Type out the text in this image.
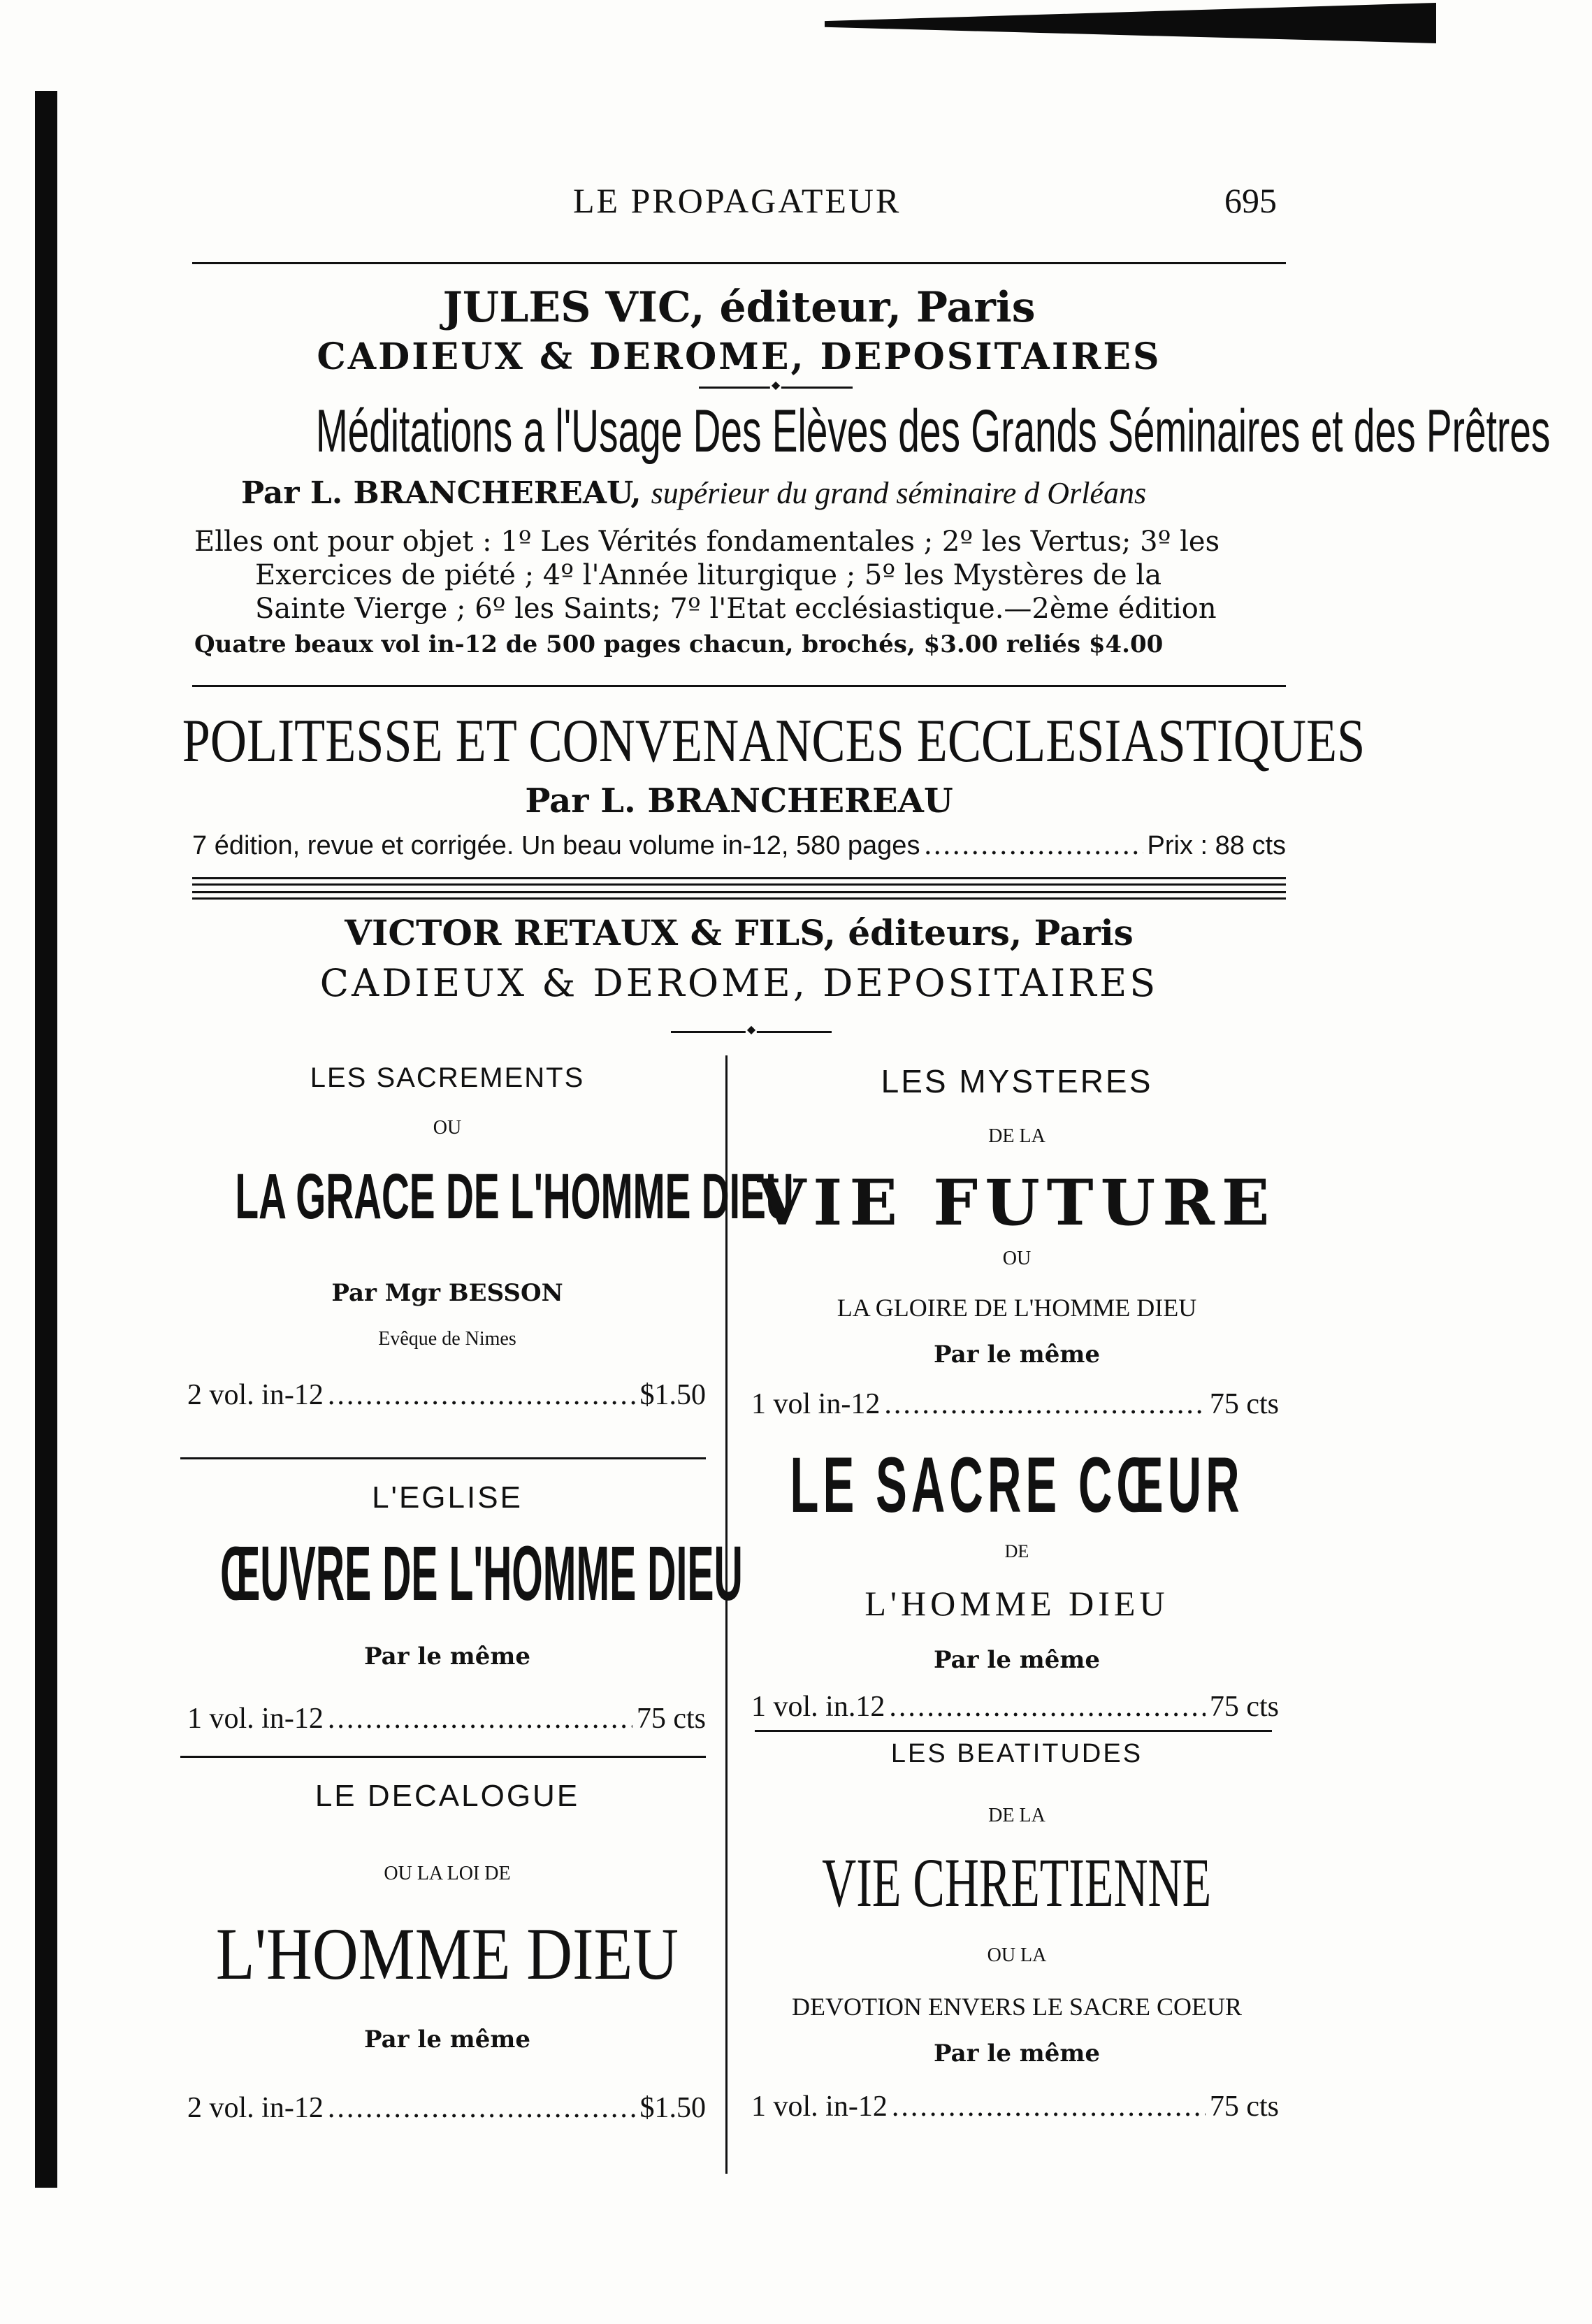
LE PROPAGATEUR	695
JULES VIC, éditeur, Paris
CADIEUX & DEROME, DEPOSITAIRES
◆
Méditations a l'Usage Des Elèves des Grands Séminaires et des Prêtres
Par L. BRANCHEREAU, supérieur du grand séminaire d Orléans
Elles ont pour objet : 1º Les Vérités fondamentales ; 2º les Vertus; 3º les
Exercices de piété ; 4º l'Année liturgique ; 5º les Mystères de la
Sainte Vierge ; 6º les Saints; 7º l'Etat ecclésiastique.—2ème édition
Quatre beaux vol in-12 de 500 pages chacun, brochés, $3.00 reliés $4.00
POLITESSE ET CONVENANCES ECCLESIASTIQUES
Par L. BRANCHEREAU
7 édition, revue et corrigée. Un beau volume in-12, 580 pages .....	Prix : 88 cts
VICTOR RETAUX & FILS, éditeurs, Paris
CADIEUX & DEROME, DEPOSITAIRES
◆
LES SACREMENTS
OU
LA GRACE DE L'HOMME DIEU
Par Mgr BESSON
Evêque de Nimes
2 vol. in-12 .....	$1.50
L'EGLISE
ŒUVRE DE L'HOMME DIEU
Par le même
1 vol. in-12 .....	75 cts
LE DECALOGUE
OU LA LOI DE
L'HOMME DIEU
Par le même
2 vol. in-12 .....	$1.50
LES MYSTERES
DE LA
VIE FUTURE
OU
LA GLOIRE DE L'HOMME DIEU
Par le même
1 vol in-12 .....	75 cts
LE SACRE CŒUR
DE
L'HOMME DIEU
Par le même
1 vol. in.12 .....	75 cts
LES BEATITUDES
DE LA
VIE CHRETIENNE
OU LA
DEVOTION ENVERS LE SACRE COEUR
Par le même
1 vol. in-12 .....	75 cts
